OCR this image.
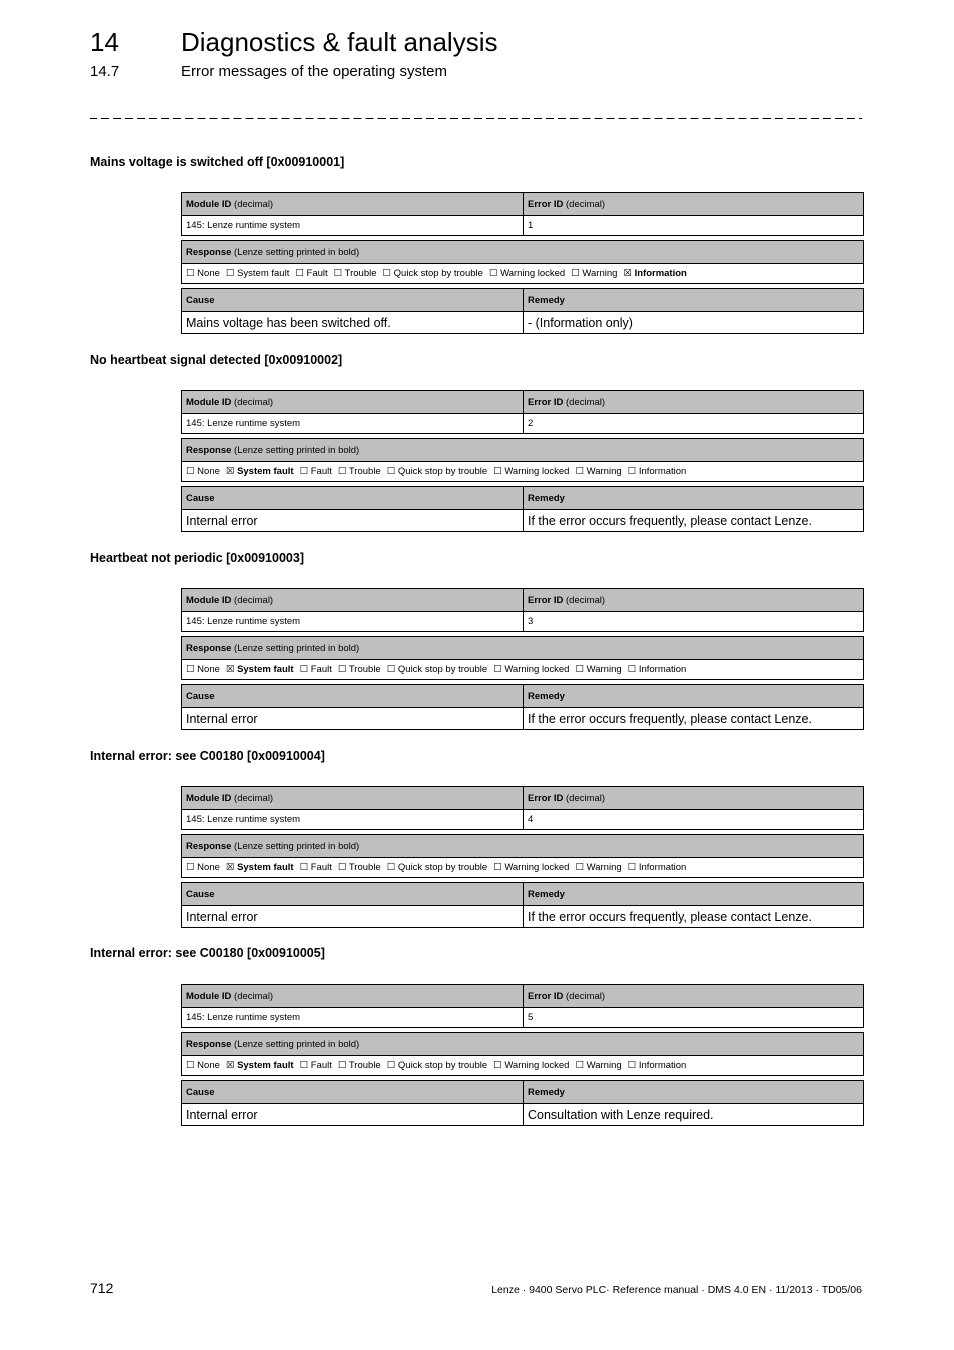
14 Diagnostics & fault analysis
14.7	Error messages of the operating system
Mains voltage is switched off [0x00910001]
Module ID (decimal)	Error ID (decimal)
145: Lenze runtime system	1
Response (Lenze setting printed in bold)
☐ None ☐ System fault ☐ Fault ☐ Trouble ☐ Quick stop by trouble ☐ Warning locked ☐ Warning ☒ Information
Cause	Remedy
Mains voltage has been switched off.	- (Information only)
No heartbeat signal detected [0x00910002]
Module ID (decimal)	Error ID (decimal)
145: Lenze runtime system	2
Response (Lenze setting printed in bold)
☐ None ☒ System fault ☐ Fault ☐ Trouble ☐ Quick stop by trouble ☐ Warning locked ☐ Warning ☐ Information
Cause	Remedy
Internal error	If the error occurs frequently, please contact Lenze.
Heartbeat not periodic [0x00910003]
Module ID (decimal)	Error ID (decimal)
145: Lenze runtime system	3
Response (Lenze setting printed in bold)
☐ None ☒ System fault ☐ Fault ☐ Trouble ☐ Quick stop by trouble ☐ Warning locked ☐ Warning ☐ Information
Cause	Remedy
Internal error	If the error occurs frequently, please contact Lenze.
Internal error: see C00180 [0x00910004]
Module ID (decimal)	Error ID (decimal)
145: Lenze runtime system	4
Response (Lenze setting printed in bold)
☐ None ☒ System fault ☐ Fault ☐ Trouble ☐ Quick stop by trouble ☐ Warning locked ☐ Warning ☐ Information
Cause	Remedy
Internal error	If the error occurs frequently, please contact Lenze.
Internal error: see C00180 [0x00910005]
Module ID (decimal)	Error ID (decimal)
145: Lenze runtime system	5
Response (Lenze setting printed in bold)
☐ None ☒ System fault ☐ Fault ☐ Trouble ☐ Quick stop by trouble ☐ Warning locked ☐ Warning ☐ Information
Cause	Remedy
Internal error	Consultation with Lenze required.
712	Lenze · 9400 Servo PLC· Reference manual · DMS 4.0 EN · 11/2013 · TD05/06
